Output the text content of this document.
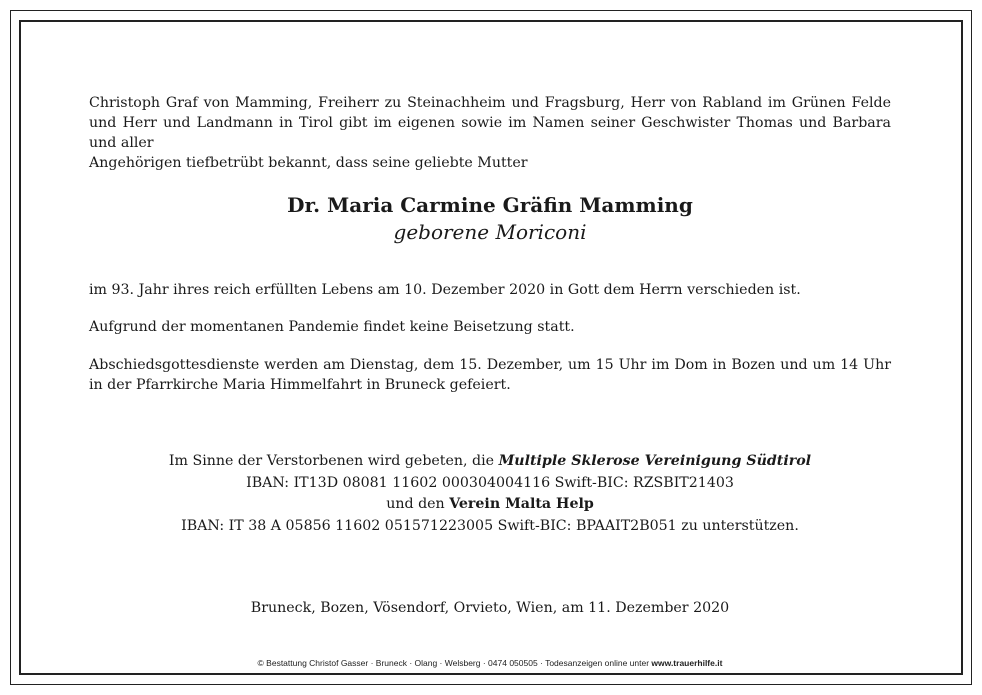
Christoph Graf von Mamming, Freiherr zu Steinachheim und Fragsburg, Herr von Rabland im Grünen Felde und Herr und Landmann in Tirol gibt im eigenen sowie im Namen seiner Geschwister Thomas und Barbara und aller
Angehörigen tiefbetrübt bekannt, dass seine geliebte Mutter

Dr. Maria Carmine Gräfin Mamming

geborene Moriconi

im 93. Jahr ihres reich erfüllten Lebens am 10. Dezember 2020 in Gott dem Herrn verschieden ist.

Aufgrund der momentanen Pandemie findet keine Beisetzung statt.

Abschiedsgottesdienste werden am Dienstag, dem 15. Dezember, um 15 Uhr im Dom in Bozen und um 14 Uhr in der Pfarrkirche Maria Himmelfahrt in Bruneck gefeiert.

Im Sinne der Verstorbenen wird gebeten, die Multiple Sklerose Vereinigung Südtirol
IBAN: IT13D 08081 11602 000304004116 Swift-BIC: RZSBIT21403
und den Verein Malta Help
IBAN: IT 38 A 05856 11602 051571223005 Swift-BIC: BPAAIT2B051 zu unterstützen.

Bruneck, Bozen, Vösendorf, Orvieto, Wien, am 11. Dezember 2020

© Bestattung Christof Gasser · Bruneck · Olang · Welsberg · 0474 050505 · Todesanzeigen online unter www.trauerhilfe.it
